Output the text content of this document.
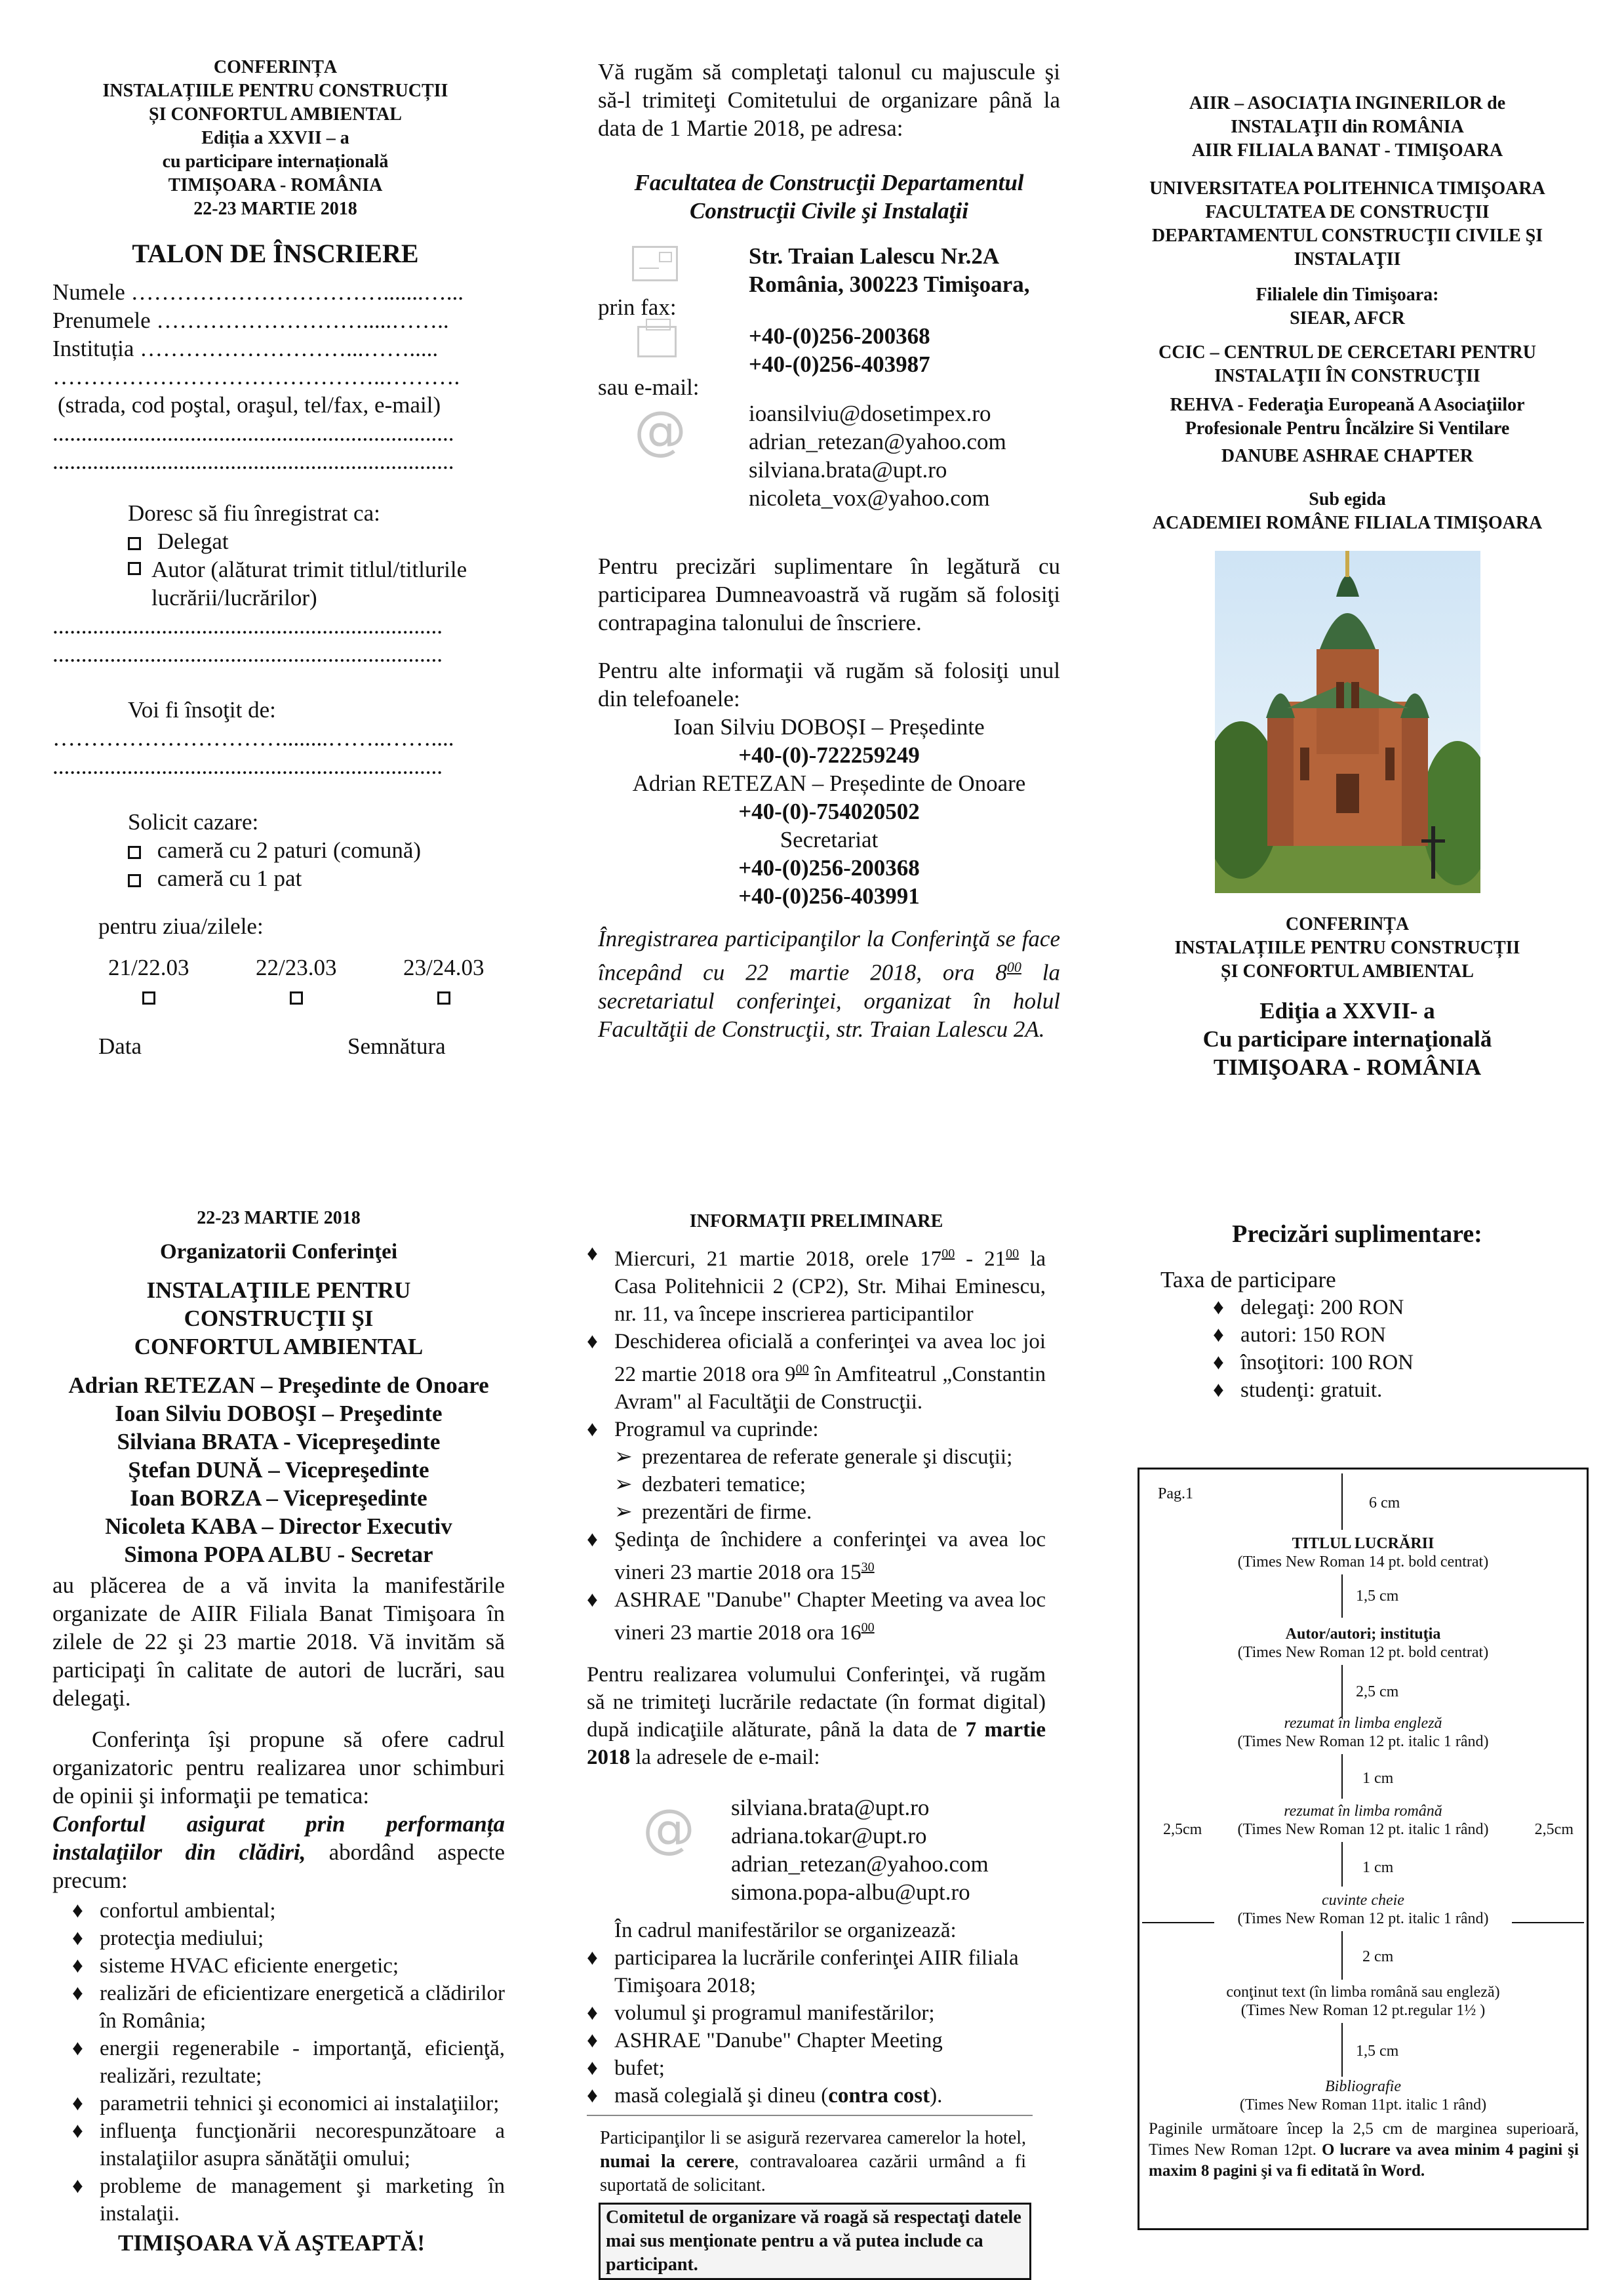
CONFERINȚA
INSTALAȚIILE PENTRU CONSTRUCȚII
ȘI CONFORTUL AMBIENTAL
Ediția a XXVII – a
cu participare internațională
TIMIȘOARA - ROMÂNIA
22-23 MARTIE 2018
TALON DE ÎNSCRIERE
Numele …………………………….......…...
Prenumele ……………………….....……..
Instituția ………………………...…….....
……………………………………..……….
(strada, cod poştal, oraşul, tel/fax, e-mail)
......................................................................
......................................................................
Doresc să fiu înregistrat ca:
Delegat
Autor (alăturat trimit titlul/titlurile lucrării/lucrărilor)
....................................................................
....................................................................
Voi fi însoţit de:
…………………………........……..……....
....................................................................
Solicit cazare:
cameră cu 2 paturi (comună)
cameră cu 1 pat
pentru ziua/zilele:
21/22.03	22/23.03	23/24.03
Data	Semnătura

Vă rugăm să completaţi talonul cu majuscule şi să-l trimiteţi Comitetului de organizare până la data de 1 Martie 2018, pe adresa:

Facultatea de Construcţii Departamentul Construcţii Civile şi Instalaţii

Str. Traian Lalescu Nr.2A
România, 300223 Timişoara,
prin fax:
+40-(0)256-200368
+40-(0)256-403987
sau e-mail:
@	ioansilviu@dosetimpex.ro
adrian_retezan@yahoo.com
silviana.brata@upt.ro
nicoleta_vox@yahoo.com

Pentru precizări suplimentare în legătură cu participarea Dumneavoastră vă rugăm să folosiţi contrapagina talonului de înscriere.

Pentru alte informaţii vă rugăm să folosiţi unul din telefoanele:

Ioan Silviu DOBOȘI – Președinte
+40-(0)-722259249
Adrian RETEZAN – Președinte de Onoare
+40-(0)-754020502
Secretariat
+40-(0)256-200368
+40-(0)256-403991

Înregistrarea participanţilor la Conferinţă se face începând cu 22 martie 2018, ora $8^{00}$ la secretariatul conferinţei, organizat în holul Facultăţii de Construcţii, str. Traian Lalescu 2A.

AIIR – ASOCIAŢIA INGINERILOR de
INSTALAŢII din ROMÂNIA
AIIR FILIALA BANAT - TIMIŞOARA
UNIVERSITATEA POLITEHNICA TIMIŞOARA
FACULTATEA DE CONSTRUCŢII
DEPARTAMENTUL CONSTRUCŢII CIVILE ŞI
INSTALAŢII
Filialele din Timişoara:
SIEAR, AFCR
CCIC – CENTRUL DE CERCETARI PENTRU
INSTALAŢII ÎN CONSTRUCŢII
REHVA - Federaţia Europeană A Asociaţiilor
Profesionale Pentru Încălzire Si Ventilare
DANUBE ASHRAE CHAPTER
Sub egida
ACADEMIEI ROMÂNE FILIALA TIMIŞOARA
CONFERINȚA
INSTALAȚIILE PENTRU CONSTRUCȚII
ȘI CONFORTUL AMBIENTAL
Ediţia a XXVII- a
Cu participare internaţională
TIMIŞOARA - ROMÂNIA
22-23 MARTIE 2018
Organizatorii Conferinţei
INSTALAŢIILE PENTRU
CONSTRUCŢII ŞI
CONFORTUL AMBIENTAL
Adrian RETEZAN – Preşedinte de Onoare
Ioan Silviu DOBOŞI – Preşedinte
Silviana BRATA - Vicepreşedinte
Ştefan DUNĂ – Vicepreşedinte
Ioan BORZA – Vicepreşedinte
Nicoleta KABA – Director Executiv
Simona POPA ALBU - Secretar

au plăcerea de a vă invita la manifestările organizate de AIIR Filiala Banat Timişoara în zilele de 22 şi 23 martie 2018. Vă invităm să participaţi în calitate de autori de lucrări, sau delegaţi.

Conferinţa îşi propune să ofere cadrul organizatoric pentru realizarea unor schimburi de opinii şi informaţii pe tematica:

Confortul asigurat prin performanța instalaţiilor din clădiri, abordând aspecte precum:

♦ confortul ambiental;
♦ protecţia mediului;
♦ sisteme HVAC eficiente energetic;
♦ realizări de eficientizare energetică a clădirilor în România;
♦ energii regenerabile - importanţă, eficienţă, realizări, rezultate;
♦ parametrii tehnici şi economici ai instalaţiilor;
♦ influenţa funcţionării necorespunzătoare a instalaţiilor asupra sănătăţii omului;
♦ probleme de management şi marketing în instalaţii.
TIMIŞOARA VĂ AŞTEAPTĂ!
INFORMAŢII PRELIMINARE
♦ Miercuri, 21 martie 2018, orele $17^{00} - 21^{00}$ la Casa Politehnicii 2 (CP2), Str. Mihai Eminescu, nr. 11, va începe inscrierea participantilor
♦ Deschiderea oficială a conferinţei va avea loc joi 22 martie 2018 ora $9^{00}$ în Amfiteatrul „Constantin Avram" al Facultăţii de Construcţii.
♦ Programul va cuprinde:
➢ prezentarea de referate generale şi discuţii;
➢ dezbateri tematice;
➢ prezentări de firme.
♦ Şedinţa de închidere a conferinţei va avea loc vineri 23 martie 2018 ora $15^{30}$
♦ ASHRAE "Danube" Chapter Meeting va avea loc vineri 23 martie 2018 ora $16^{00}$

Pentru realizarea volumului Conferinţei, vă rugăm să ne trimiteţi lucrările redactate (în format digital) după indicaţiile alăturate, până la data de 7 martie 2018 la adresele de e-mail:

@ silviana.brata@upt.ro
adriana.tokar@upt.ro
adrian_retezan@yahoo.com
simona.popa-albu@upt.ro
În cadrul manifestărilor se organizează:
♦ participarea la lucrările conferinţei AIIR filiala Timişoara 2018;
♦ volumul şi programul manifestărilor;
♦ ASHRAE "Danube" Chapter Meeting
♦ bufet;
♦ masă colegială şi dineu (contra cost).

Participanţilor li se asigură rezervarea camerelor la hotel, numai la cerere, contravaloarea cazării urmând a fi suportată de solicitant.

Comitetul de organizare vă roagă să respectaţi datele mai sus menţionate pentru a vă putea include ca participant.
Precizări suplimentare:
Taxa de participare
♦ delegaţi: 200 RON
♦ autori: 150 RON
♦ însoţitori: 100 RON
♦ studenţi: gratuit.
Pag.1
6 cm
TITLUL LUCRĂRII
(Times New Roman 14 pt. bold centrat)
1,5 cm
Autor/autori; instituţia
(Times New Roman 12 pt. bold centrat)
2,5 cm
rezumat în limba engleză
(Times New Roman 12 pt. italic 1 rând)
1 cm
rezumat în limba română
(Times New Roman 12 pt. italic 1 rând)
2,5cm	2,5cm
1 cm
cuvinte cheie
(Times New Roman 12 pt. italic 1 rând)
2 cm
conţinut text (în limba română sau engleză)
(Times New Roman 12 pt.regular 1½ )
1,5 cm
Bibliografie
(Times New Roman 11pt. italic 1 rând)
Paginile următoare încep la 2,5 cm de marginea superioară, Times New Roman 12pt. O lucrare va avea minim 4 pagini şi maxim 8 pagini şi va fi editată în Word.
